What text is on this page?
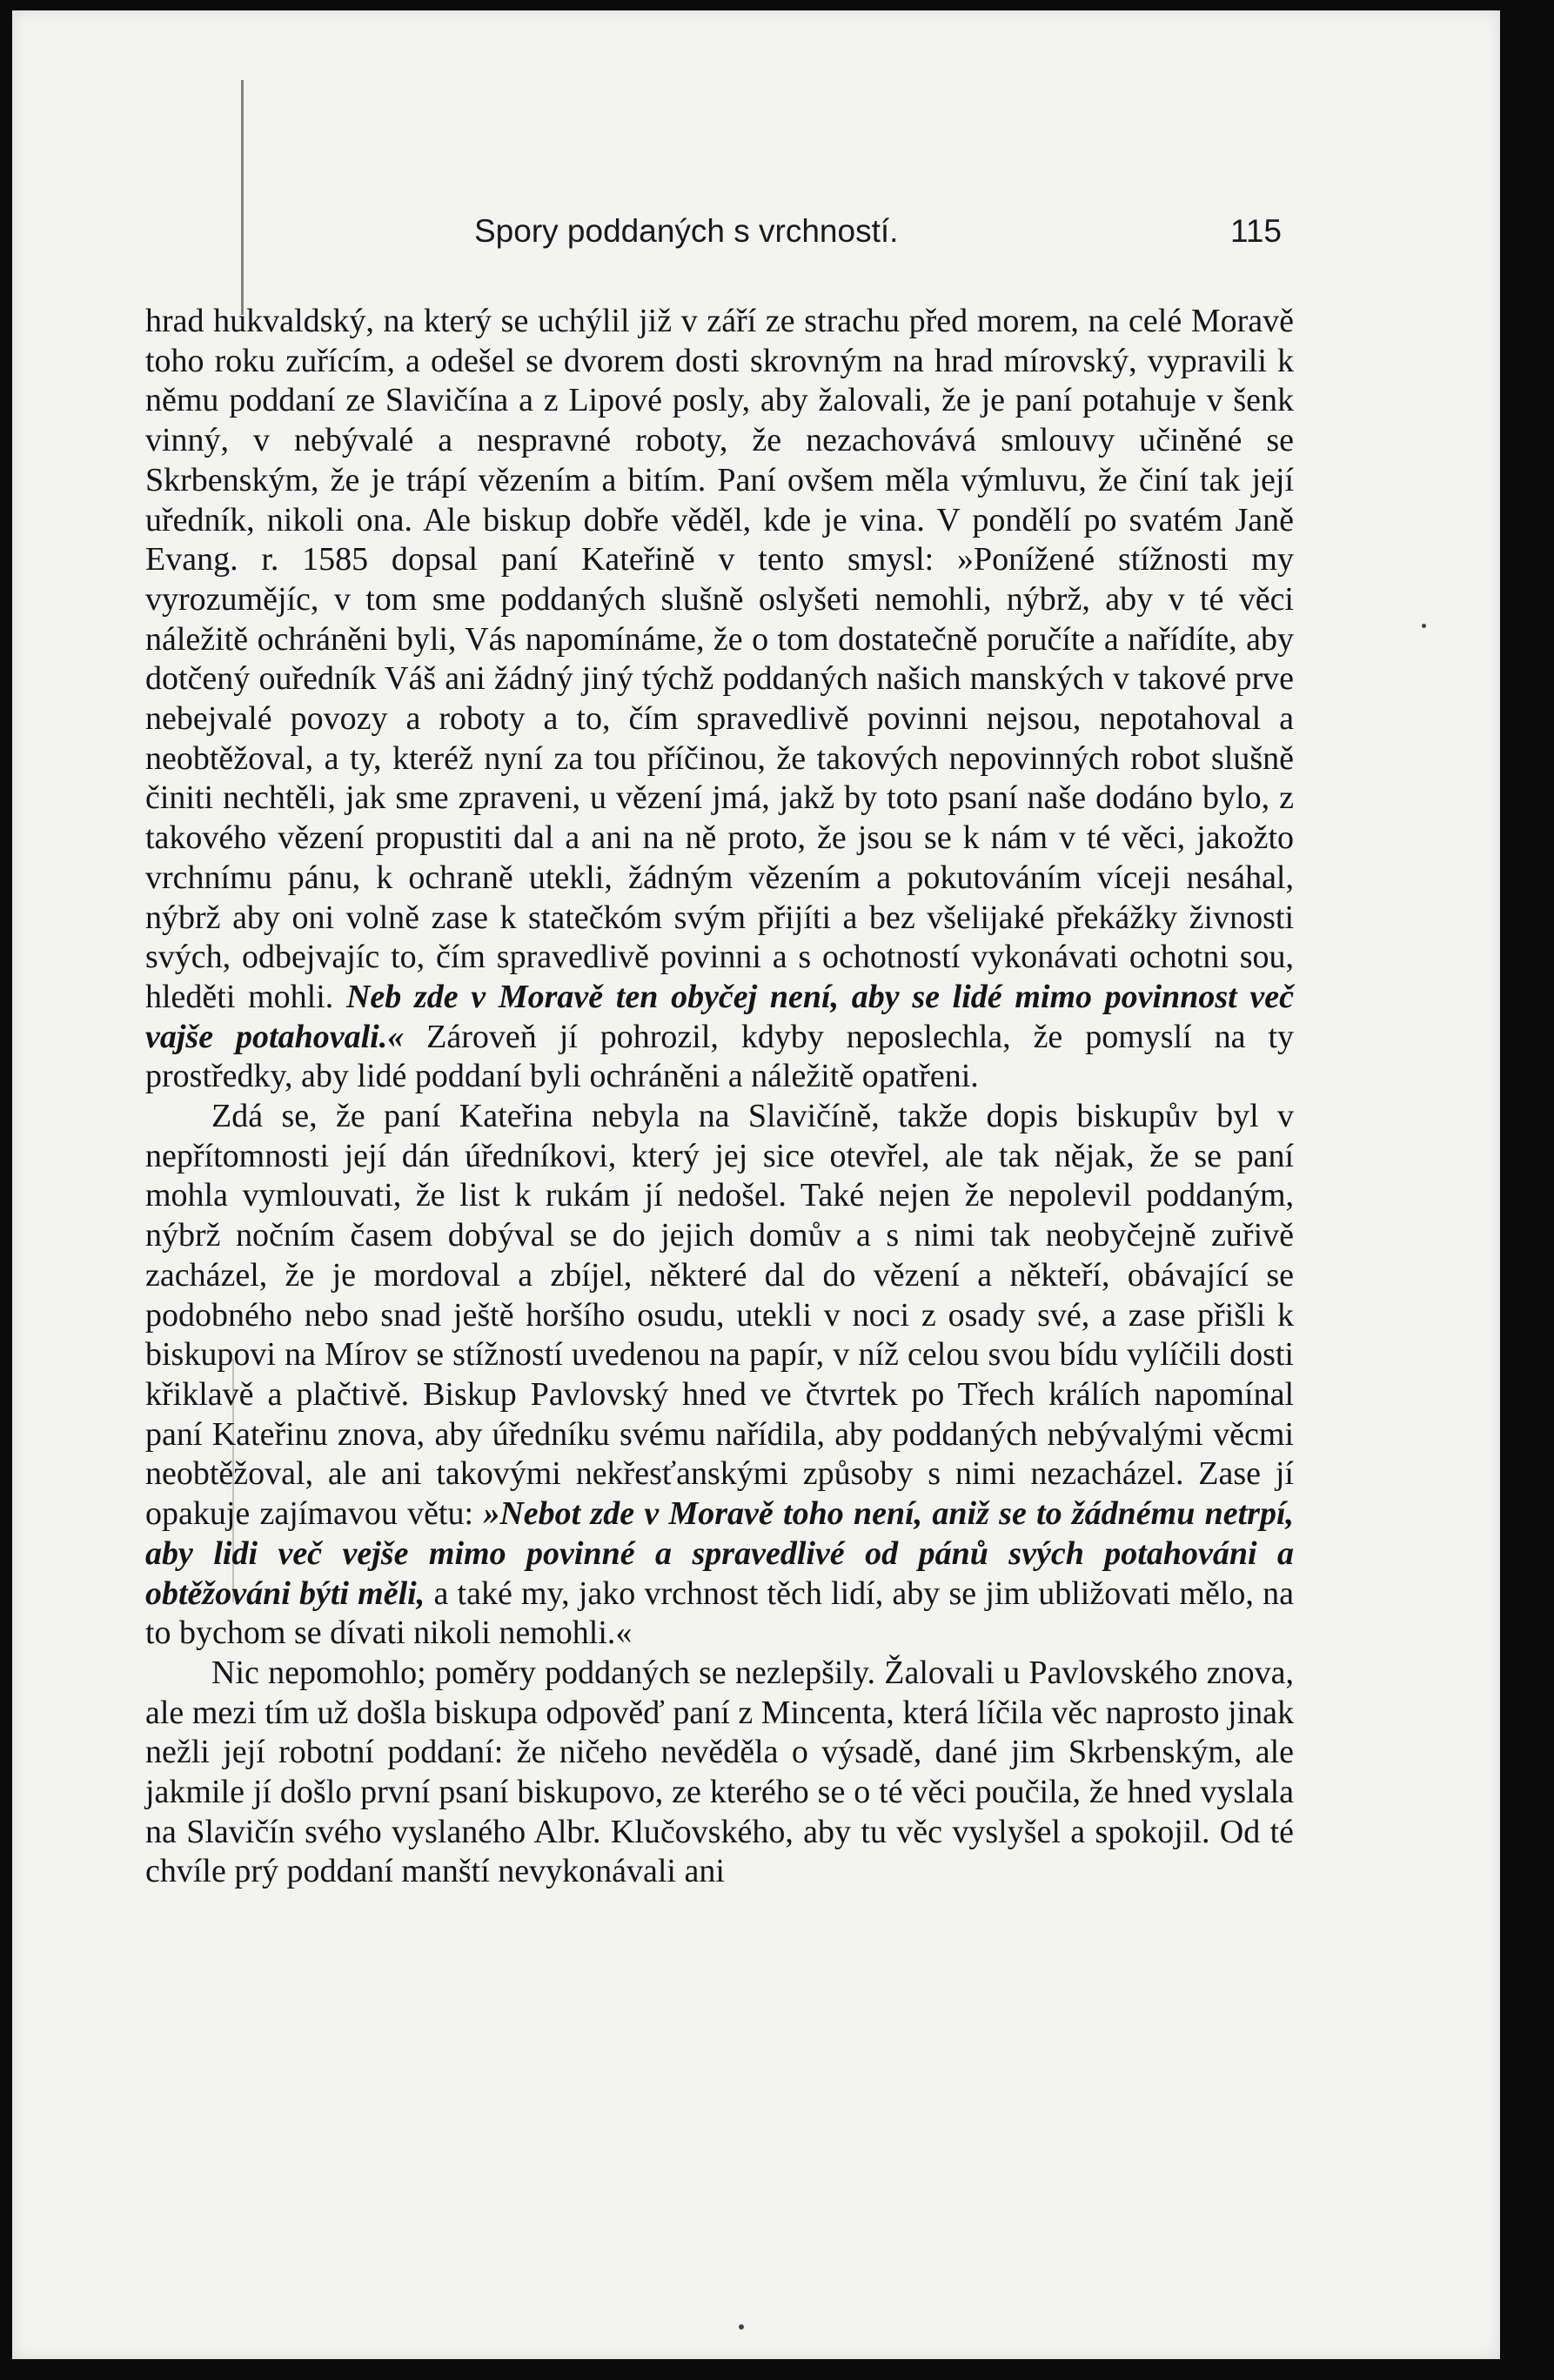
Spory poddaných s vrchností.	115

hrad hukvaldský, na který se uchýlil již v září ze strachu před morem, na celé Moravě toho roku zuřícím, a odešel se dvorem dosti skrovným na hrad mírovský, vypravili k němu poddaní ze Slavičína a z Lipové posly, aby žalovali, že je paní potahuje v šenk vinný, v nebývalé a nespravné roboty, že nezachovává smlouvy učiněné se Skrbenským, že je trápí vězením a bitím. Paní ovšem měla výmluvu, že činí tak její uředník, nikoli ona. Ale biskup dobře věděl, kde je vina. V pondělí po svatém Janě Evang. r. 1585 dopsal paní Kateřině v tento smysl: »Ponížené stížnosti my vyrozumějíc, v tom sme poddaných slušně oslyšeti nemohli, nýbrž, aby v té věci náležitě ochráněni byli, Vás napomínáme, že o tom dostatečně poručíte a nařídíte, aby dotčený ouředník Váš ani žádný jiný týchž poddaných našich manských v takové prve nebejvalé povozy a roboty a to, čím spravedlivě povinni nejsou, nepotahoval a neobtěžoval, a ty, kteréž nyní za tou příčinou, že takových nepovinných robot slušně činiti nechtěli, jak sme zpraveni, u vězení jmá, jakž by toto psaní naše dodáno bylo, z takového vězení propustiti dal a ani na ně proto, že jsou se k nám v té věci, jakožto vrchnímu pánu, k ochraně utekli, žádným vězením a pokutováním víceji nesáhal, nýbrž aby oni volně zase k statečkóm svým přijíti a bez všelijaké překážky živnosti svých, odbejvajíc to, čím spravedlivě povinni a s ochotností vykonávati ochotni sou, hleděti mohli. Neb zde v Moravě ten obyčej není, aby se lidé mimo povinnost več vajše potahovali.« Zároveň jí pohrozil, kdyby neposlechla, že pomyslí na ty prostředky, aby lidé poddaní byli ochráněni a náležitě opatřeni.

Zdá se, že paní Kateřina nebyla na Slavičíně, takže dopis biskupův byl v nepřítomnosti její dán úředníkovi, který jej sice otevřel, ale tak nějak, že se paní mohla vymlouvati, že list k rukám jí nedošel. Také nejen že nepolevil poddaným, nýbrž nočním časem dobýval se do jejich domův a s nimi tak neobyčejně zuřivě zacházel, že je mordoval a zbíjel, některé dal do vězení a někteří, obávající se podobného nebo snad ještě horšího osudu, utekli v noci z osady své, a zase přišli k biskupovi na Mírov se stížností uvedenou na papír, v níž celou svou bídu vylíčili dosti křiklavě a plačtivě. Biskup Pavlovský hned ve čtvrtek po Třech králích napomínal paní Kateřinu znova, aby úředníku svému nařídila, aby poddaných nebývalými věcmi neobtěžoval, ale ani takovými nekřesťanskými způsoby s nimi nezacházel. Zase jí opakuje zajímavou větu: »Nebot zde v Moravě toho není, aniž se to žádnému netrpí, aby lidi več vejše mimo povinné a spravedlivé od pánů svých potahováni a obtěžováni býti měli, a také my, jako vrchnost těch lidí, aby se jim ubližovati mělo, na to bychom se dívati nikoli nemohli.«

Nic nepomohlo; poměry poddaných se nezlepšily. Žalovali u Pavlovského znova, ale mezi tím už došla biskupa odpověď paní z Mincenta, která líčila věc naprosto jinak nežli její robotní poddaní: že ničeho nevěděla o výsadě, dané jim Skrbenským, ale jakmile jí došlo první psaní biskupovo, ze kterého se o té věci poučila, že hned vyslala na Slavičín svého vyslaného Albr. Klučovského, aby tu věc vyslyšel a spokojil. Od té chvíle prý poddaní manští nevykonávali ani
